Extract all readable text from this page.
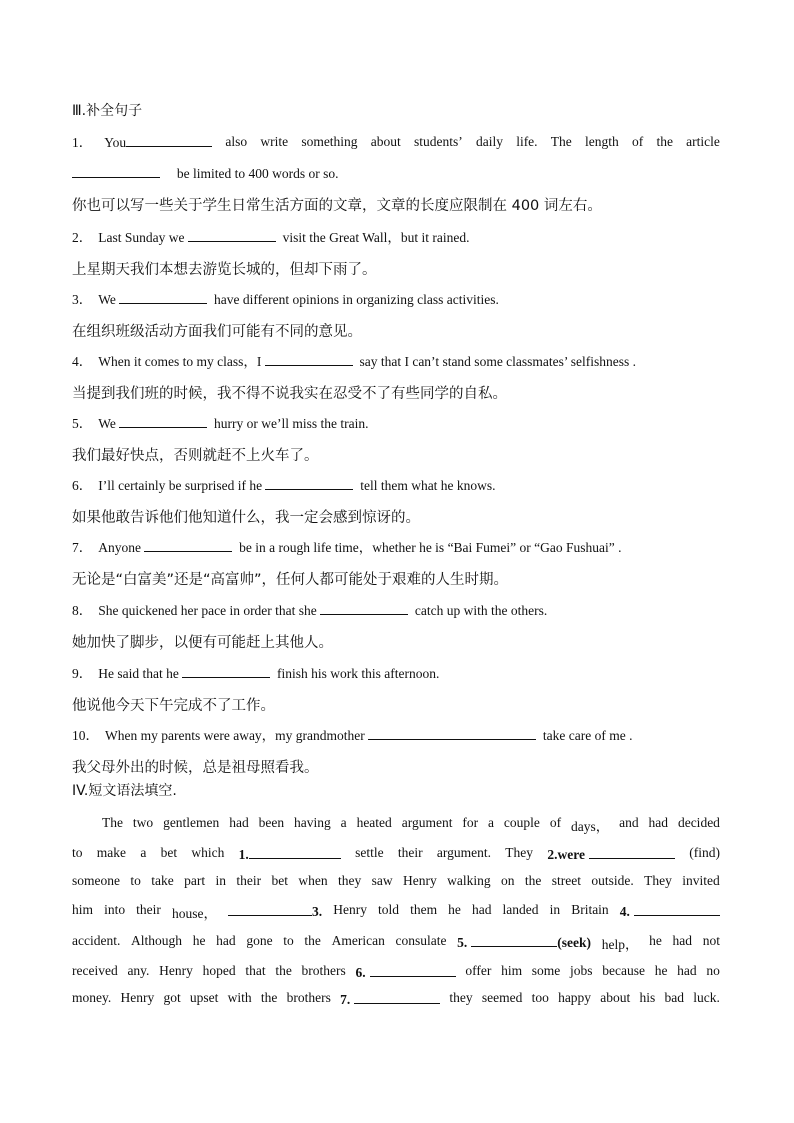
Ⅲ.补全句子
1． You	also write something about students’ daily life. The length of the article
be limited to 400 words or so.
你也可以写一些关于学生日常生活方面的文章，文章的长度应限制在 400 词左右。
2． Last Sunday we	visit the Great Wall，but it rained.
上星期天我们本想去游览长城的，但却下雨了。
3． We	have different opinions in organizing class activities.
在组织班级活动方面我们可能有不同的意见。
4． When it comes to my class，I	say that I can’t stand some classmates’ selfishness .
当提到我们班的时候，我不得不说我实在忍受不了有些同学的自私。
5． We	hurry or we’ll miss the train.
我们最好快点，否则就赶不上火车了。
6． I’ll certainly be surprised if he	tell them what he knows.
如果他敢告诉他们他知道什么，我一定会感到惊讶的。
7． Anyone	be in a rough life time，whether he is “Bai Fumei” or “Gao Fushuai” .
无论是“白富美”还是“高富帅”，任何人都可能处于艰难的人生时期。
8． She quickened her pace in order that she	catch up with the others.
她加快了脚步，以便有可能赶上其他人。
9． He said that he	finish his work this afternoon.
他说他今天下午完成不了工作。
10． When my parents were away，my grandmother	take care of me .
我父母外出的时候，总是祖母照看我。
IV.短文语法填空.
The two gentlemen had been having a heated argument for a couple of days， and had decided
to make a bet which 1.	settle their argument. They 2.were	(find)
someone to take part in their bet when they saw Henry walking on the street outside. They invited
him into their house，	3. Henry told them he had landed in Britain 4.
accident. Although he had gone to the American consulate 5.	(seek) help， he had not
received any. Henry hoped that the brothers 6.	offer him some jobs because he had no
money. Henry got upset with the brothers 7.	they seemed too happy about his bad luck.
